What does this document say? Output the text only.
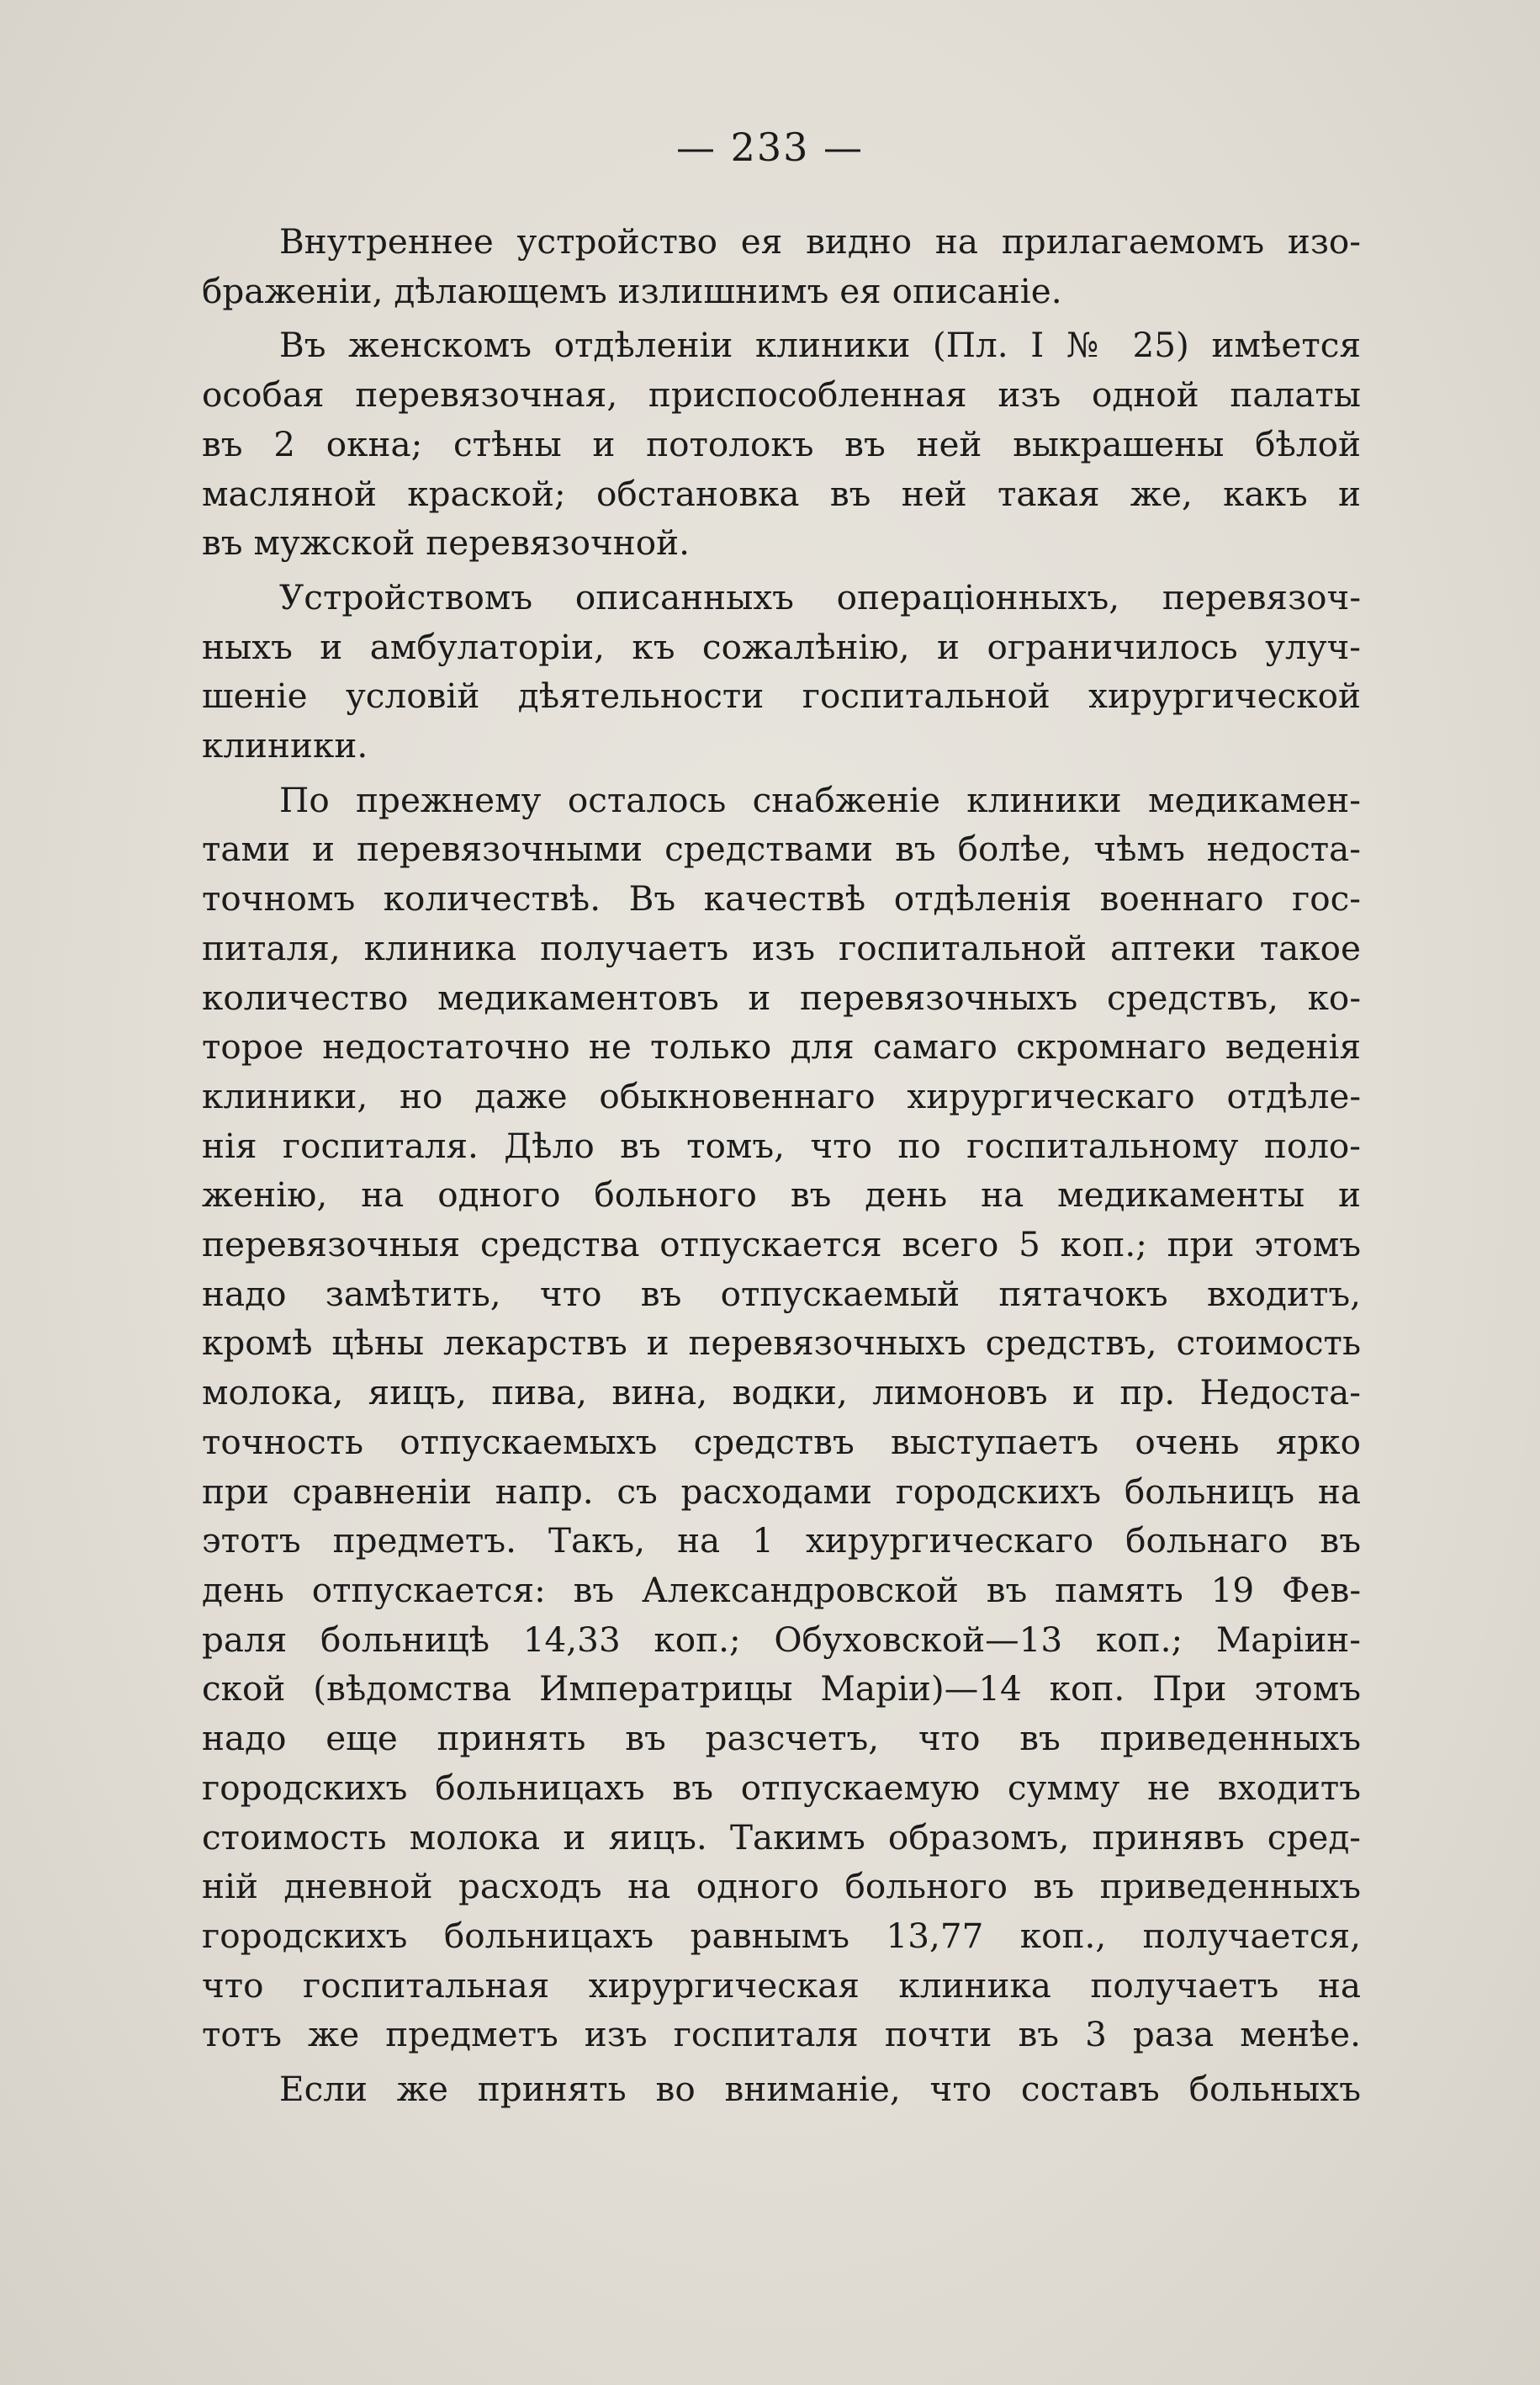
— 233 —
Внутреннее устройство ея видно на прилагаемомъ изо-
браженіи, дѣлающемъ излишнимъ ея описаніе.
Въ женскомъ отдѣленіи клиники (Пл. I № 25) имѣется
особая перевязочная, приспособленная изъ одной палаты
въ 2 окна; стѣны и потолокъ въ ней выкрашены бѣлой
масляной краской; обстановка въ ней такая же, какъ и
въ мужской перевязочной.
Устройствомъ описанныхъ операціонныхъ, перевязоч-
ныхъ и амбулаторіи, къ сожалѣнію, и ограничилось улуч-
шеніе условій дѣятельности госпитальной хирургической
клиники.
По прежнему осталось снабженіе клиники медикамен-
тами и перевязочными средствами въ болѣе, чѣмъ недоста-
точномъ количествѣ. Въ качествѣ отдѣленія военнаго гос-
питаля, клиника получаетъ изъ госпитальной аптеки такое
количество медикаментовъ и перевязочныхъ средствъ, ко-
торое недостаточно не только для самаго скромнаго веденія
клиники, но даже обыкновеннаго хирургическаго отдѣле-
нія госпиталя. Дѣло въ томъ, что по госпитальному поло-
женію, на одного больного въ день на медикаменты и
перевязочныя средства отпускается всего 5 коп.; при этомъ
надо замѣтить, что въ отпускаемый пятачокъ входитъ,
кромѣ цѣны лекарствъ и перевязочныхъ средствъ, стоимость
молока, яицъ, пива, вина, водки, лимоновъ и пр. Недоста-
точность отпускаемыхъ средствъ выступаетъ очень ярко
при сравненіи напр. съ расходами городскихъ больницъ на
этотъ предметъ. Такъ, на 1 хирургическаго больнаго въ
день отпускается: въ Александровской въ память 19 Фев-
раля больницѣ 14,33 коп.; Обуховской—13 коп.; Маріин-
ской (вѣдомства Императрицы Маріи)—14 коп. При этомъ
надо еще принять въ разсчетъ, что въ приведенныхъ
городскихъ больницахъ въ отпускаемую сумму не входитъ
стоимость молока и яицъ. Такимъ образомъ, принявъ сред-
ній дневной расходъ на одного больного въ приведенныхъ
городскихъ больницахъ равнымъ 13,77 коп., получается,
что госпитальная хирургическая клиника получаетъ на
тотъ же предметъ изъ госпиталя почти въ 3 раза менѣе.
Если же принять во вниманіе, что составъ больныхъ
